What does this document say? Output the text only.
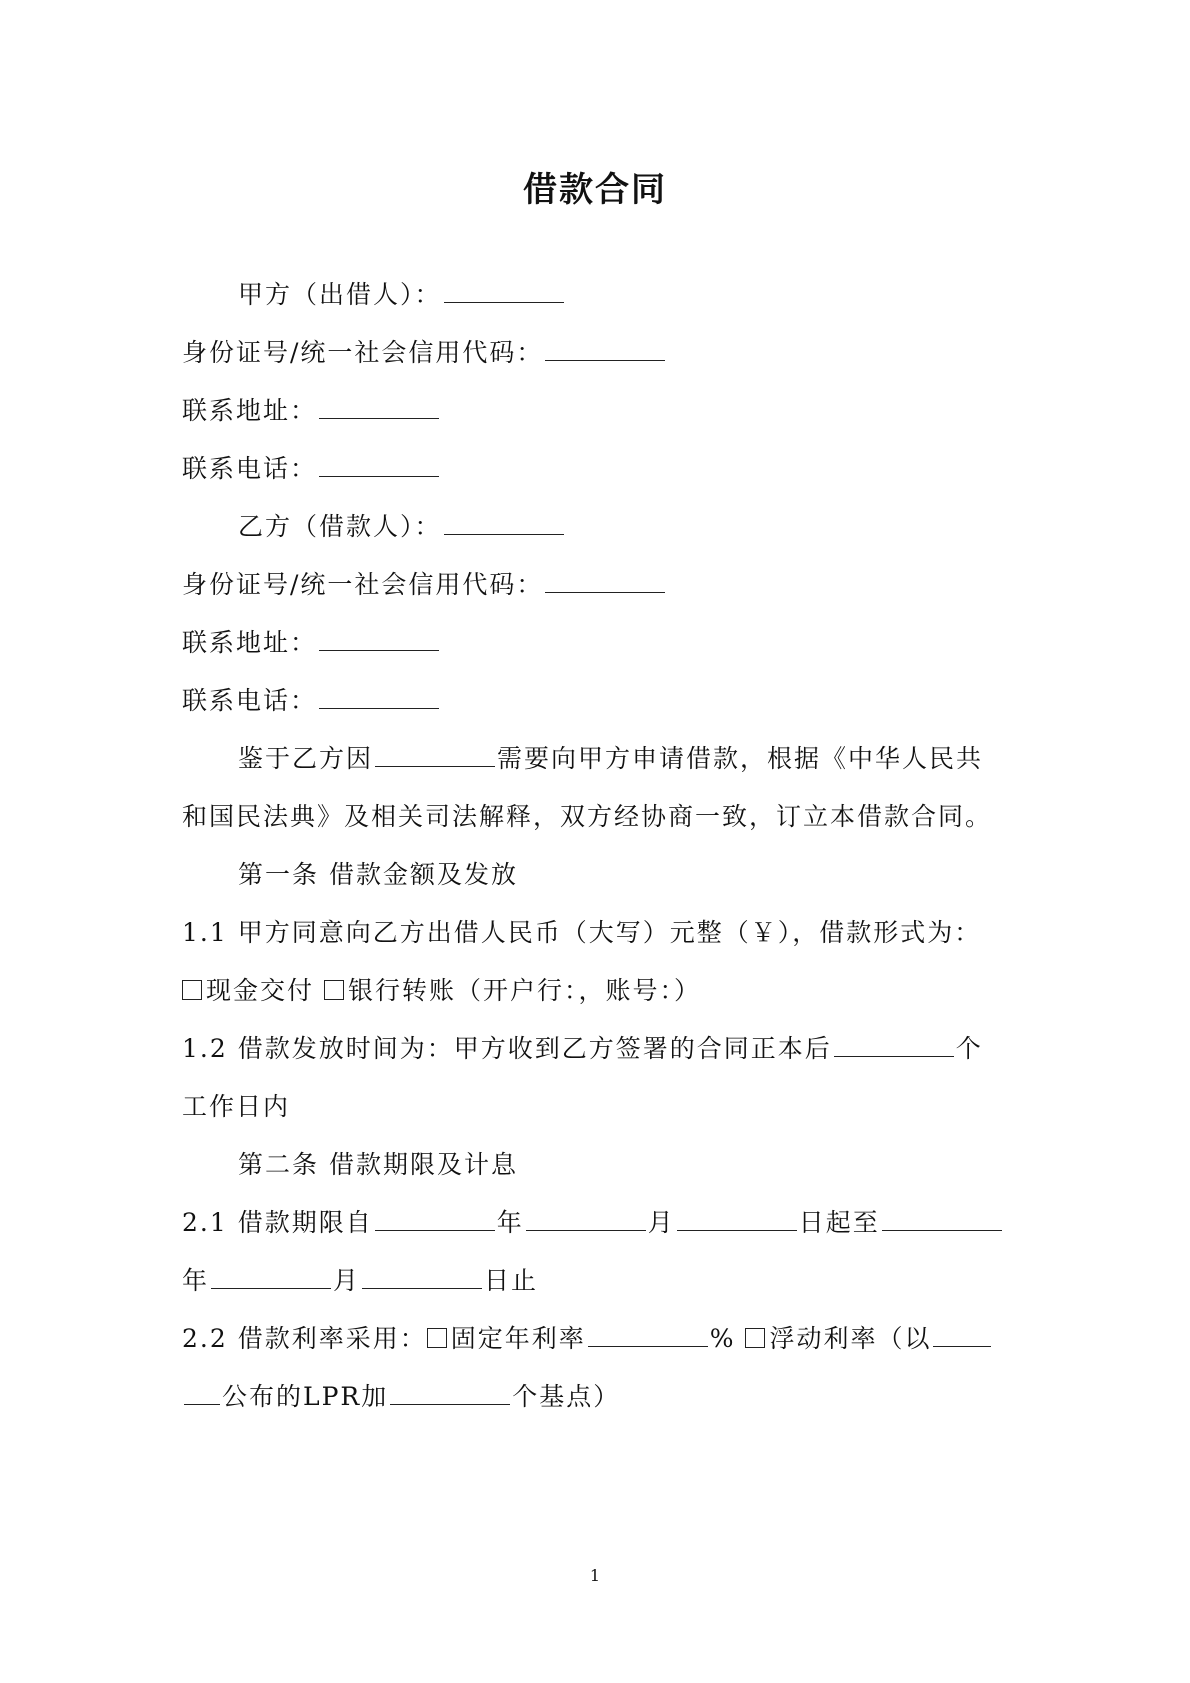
借款合同
甲方（出借人）：
身份证号/统一社会信用代码：
联系地址：
联系电话：
乙方（借款人）：
身份证号/统一社会信用代码：
联系地址：
联系电话：
鉴于乙方因	需要向甲方申请借款，根据《中华人民共
和国民法典》及相关司法解释，双方经协商一致，订立本借款合同。
第一条 借款金额及发放
1.1 甲方同意向乙方出借人民币（大写）元整（￥），借款形式为：
现金交付 银行转账（开户行：，账号：）
1.2 借款发放时间为：甲方收到乙方签署的合同正本后	个
工作日内
第二条 借款期限及计息
2.1 借款期限自	年	月	日起至
年	月	日止
2.2 借款利率采用： 固定年利率	% 浮动利率（以
公布的LPR加	个基点）
1
